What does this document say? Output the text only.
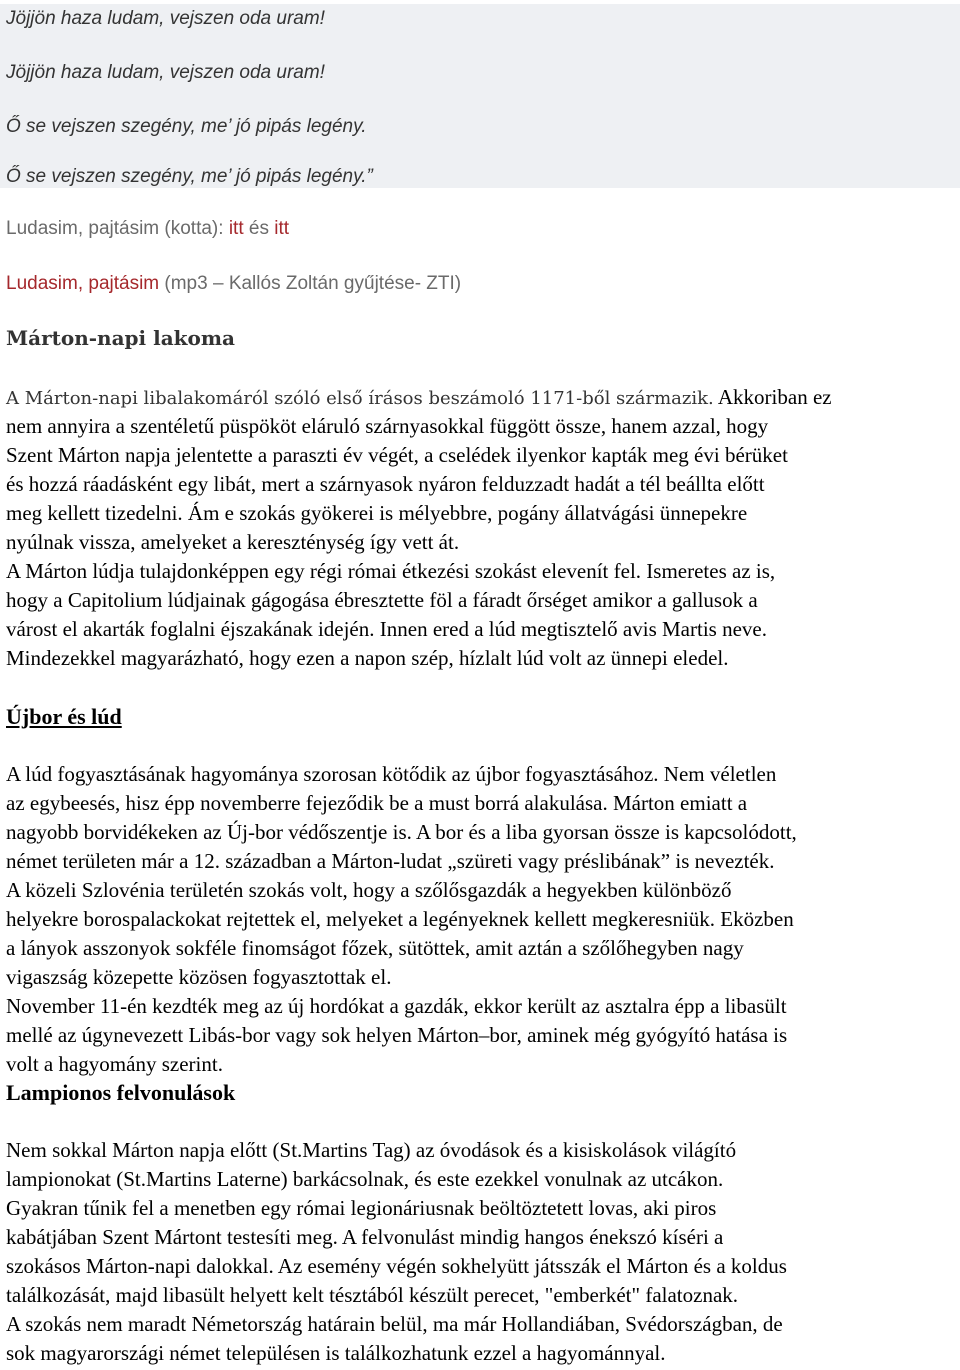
Jöjjön haza ludam, vejszen oda uram!
Jöjjön haza ludam, vejszen oda uram!
Ő se vejszen szegény, me’ jó pipás legény.
Ő se vejszen szegény, me’ jó pipás legény.”
Ludasim, pajtásim (kotta): itt és itt
Ludasim, pajtásim (mp3 – Kallós Zoltán gyűjtése- ZTI)
Márton-napi lakoma
A Márton-napi libalakomáról szóló első írásos beszámoló 1171-ből származik. Akkoriban ez
nem annyira a szentéletű püspököt eláruló szárnyasokkal függött össze, hanem azzal, hogy
Szent Márton napja jelentette a paraszti év végét, a cselédek ilyenkor kapták meg évi bérüket
és hozzá ráadásként egy libát, mert a szárnyasok nyáron felduzzadt hadát a tél beállta előtt
meg kellett tizedelni. Ám e szokás gyökerei is mélyebbre, pogány állatvágási ünnepekre
nyúlnak vissza, amelyeket a kereszténység így vett át.
A Márton lúdja tulajdonképpen egy régi római étkezési szokást elevenít fel. Ismeretes az is,
hogy a Capitolium lúdjainak gágogása ébresztette föl a fáradt őrséget amikor a gallusok a
várost el akarták foglalni éjszakának idején. Innen ered a lúd megtisztelő avis Martis neve.
Mindezekkel magyarázható, hogy ezen a napon szép, hízlalt lúd volt az ünnepi eledel.
Újbor és lúd
A lúd fogyasztásának hagyománya szorosan kötődik az újbor fogyasztásához. Nem véletlen
az egybeesés, hisz épp novemberre fejeződik be a must borrá alakulása. Márton emiatt a
nagyobb borvidékeken az Új-bor védőszentje is. A bor és a liba gyorsan össze is kapcsolódott,
német területen már a 12. században a Márton-ludat „szüreti vagy préslibának” is nevezték.
A közeli Szlovénia területén szokás volt, hogy a szőlősgazdák a hegyekben különböző
helyekre borospalackokat rejtettek el, melyeket a legényeknek kellett megkeresniük. Eközben
a lányok asszonyok sokféle finomságot főzek, sütöttek, amit aztán a szőlőhegyben nagy
vigaszság közepette közösen fogyasztottak el.
November 11-én kezdték meg az új hordókat a gazdák, ekkor került az asztalra épp a libasült
mellé az úgynevezett Libás-bor vagy sok helyen Márton–bor, aminek még gyógyító hatása is
volt a hagyomány szerint.
Lampionos felvonulások
Nem sokkal Márton napja előtt (St.Martins Tag) az óvodások és a kisiskolások világító
lampionokat (St.Martins Laterne) barkácsolnak, és este ezekkel vonulnak az utcákon.
Gyakran tűnik fel a menetben egy római legionáriusnak beöltöztetett lovas, aki piros
kabátjában Szent Mártont testesíti meg. A felvonulást mindig hangos énekszó kíséri a
szokásos Márton-napi dalokkal. Az esemény végén sokhelyütt játsszák el Márton és a koldus
találkozását, majd libasült helyett kelt tésztából készült perecet, "emberkét" falatoznak.
A szokás nem maradt Németország határain belül, ma már Hollandiában, Svédországban, de
sok magyarországi német településen is találkozhatunk ezzel a hagyománnyal.
